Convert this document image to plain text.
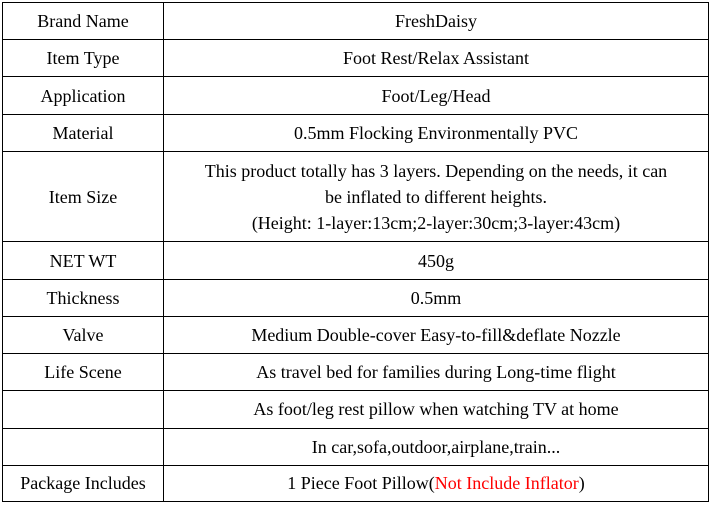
Brand Name	FreshDaisy
Item Type	Foot Rest/Relax Assistant
Application	Foot/Leg/Head
Material	0.5mm Flocking Environmentally PVC
Item Size	This product totally has 3 layers. Depending on the needs, it can
be inflated to different heights.
(Height: 1-layer:13cm;2-layer:30cm;3-layer:43cm)

NET WT	450g
Thickness	0.5mm
Valve	Medium Double-cover Easy-to-fill&deflate Nozzle
Life Scene	As travel bed for families during Long-time flight
	As foot/leg rest pillow when watching TV at home
	In car,sofa,outdoor,airplane,train...
Package Includes	1 Piece Foot Pillow(Not Include Inflator)
